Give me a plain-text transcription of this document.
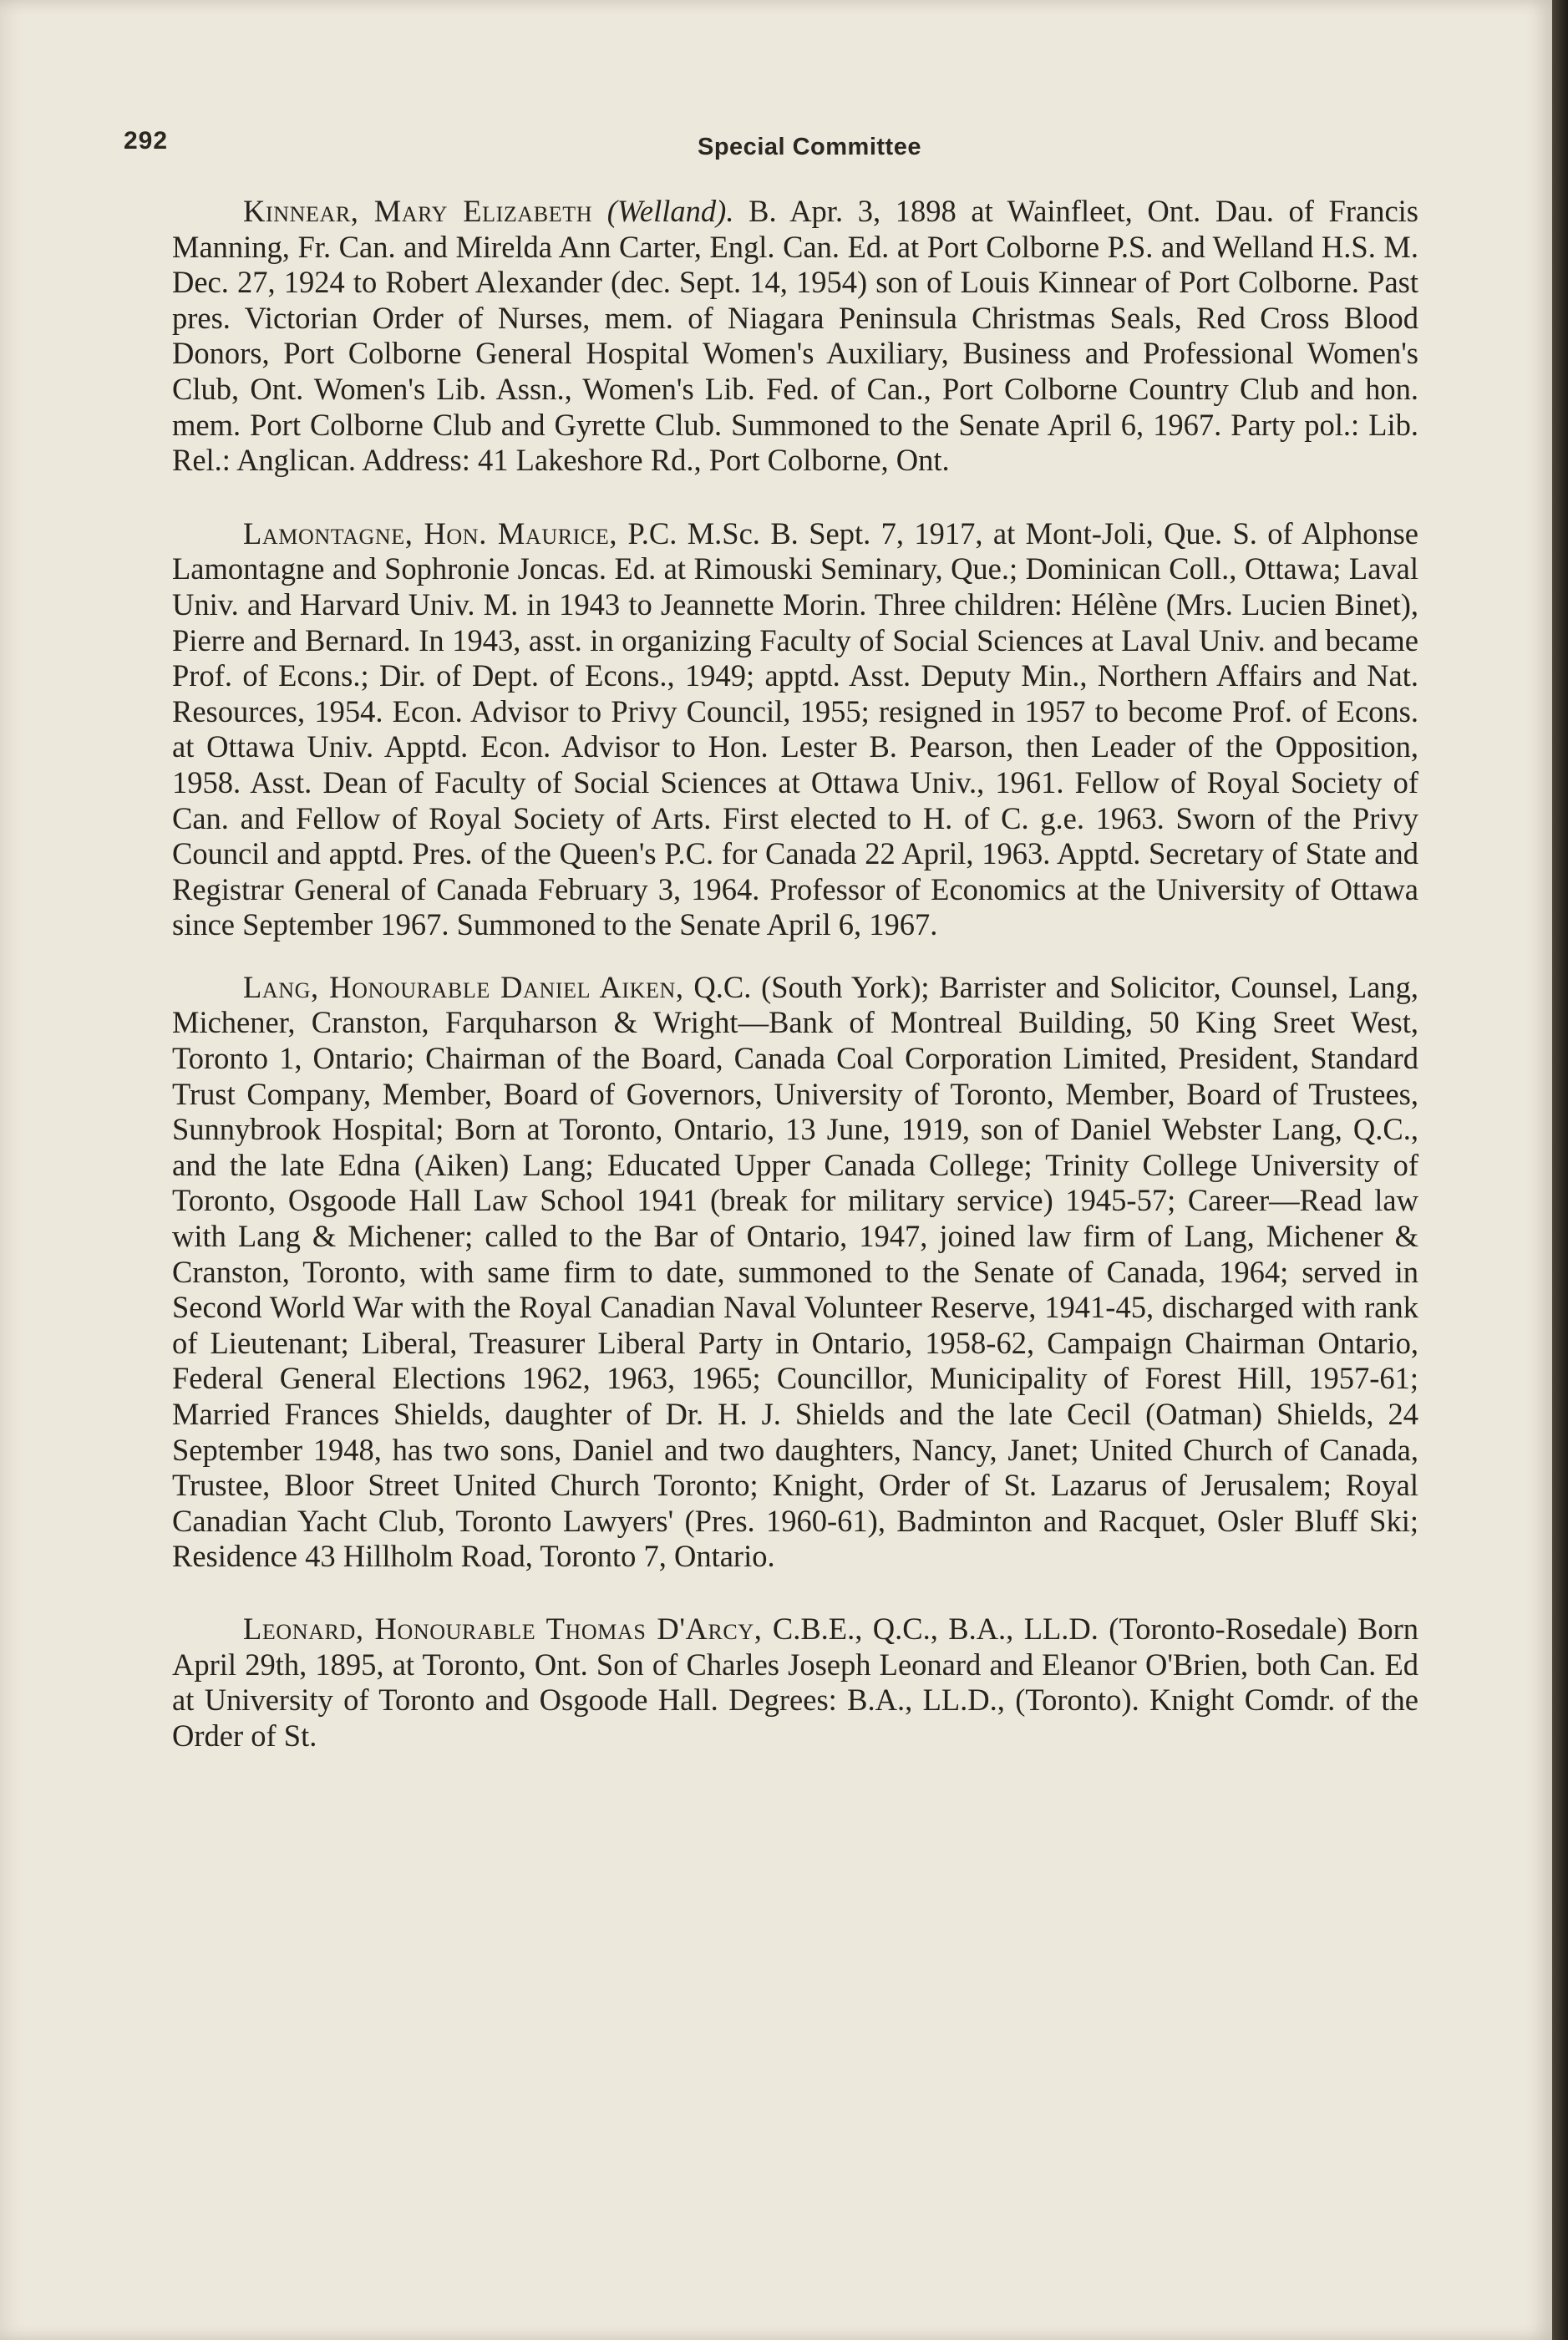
292	Special Committee

Kinnear, Mary Elizabeth (Welland). B. Apr. 3, 1898 at Wainfleet, Ont. Dau. of Francis Manning, Fr. Can. and Mirelda Ann Carter, Engl. Can. Ed. at Port Colborne P.S. and Welland H.S. M. Dec. 27, 1924 to Robert Alexander (dec. Sept. 14, 1954) son of Louis Kinnear of Port Colborne. Past pres. Victorian Order of Nurses, mem. of Niagara Peninsula Christmas Seals, Red Cross Blood Donors, Port Colborne General Hospital Women's Auxiliary, Business and Professional Women's Club, Ont. Women's Lib. Assn., Women's Lib. Fed. of Can., Port Colborne Country Club and hon. mem. Port Colborne Club and Gyrette Club. Summoned to the Senate April 6, 1967. Party pol.: Lib. Rel.: Anglican. Address: 41 Lakeshore Rd., Port Colborne, Ont.

Lamontagne, Hon. Maurice, P.C. M.Sc. B. Sept. 7, 1917, at Mont-Joli, Que. S. of Alphonse Lamontagne and Sophronie Joncas. Ed. at Rimouski Seminary, Que.; Dominican Coll., Ottawa; Laval Univ. and Harvard Univ. M. in 1943 to Jeannette Morin. Three children: Hélène (Mrs. Lucien Binet), Pierre and Bernard. In 1943, asst. in organizing Faculty of Social Sciences at Laval Univ. and became Prof. of Econs.; Dir. of Dept. of Econs., 1949; apptd. Asst. Deputy Min., Northern Affairs and Nat. Resources, 1954. Econ. Advisor to Privy Council, 1955; resigned in 1957 to become Prof. of Econs. at Ottawa Univ. Apptd. Econ. Advisor to Hon. Lester B. Pearson, then Leader of the Opposition, 1958. Asst. Dean of Faculty of Social Sciences at Ottawa Univ., 1961. Fellow of Royal Society of Can. and Fellow of Royal Society of Arts. First elected to H. of C. g.e. 1963. Sworn of the Privy Council and apptd. Pres. of the Queen's P.C. for Canada 22 April, 1963. Apptd. Secretary of State and Registrar General of Canada February 3, 1964. Professor of Economics at the University of Ottawa since September 1967. Summoned to the Senate April 6, 1967.

Lang, Honourable Daniel Aiken, Q.C. (South York); Barrister and Solicitor, Counsel, Lang, Michener, Cranston, Farquharson & Wright—Bank of Montreal Building, 50 King Sreet West, Toronto 1, Ontario; Chairman of the Board, Canada Coal Corporation Limited, President, Standard Trust Company, Member, Board of Governors, University of Toronto, Member, Board of Trustees, Sunnybrook Hospital; Born at Toronto, Ontario, 13 June, 1919, son of Daniel Webster Lang, Q.C., and the late Edna (Aiken) Lang; Educated Upper Canada College; Trinity College University of Toronto, Osgoode Hall Law School 1941 (break for military service) 1945-57; Career—Read law with Lang & Michener; called to the Bar of Ontario, 1947, joined law firm of Lang, Michener & Cranston, Toronto, with same firm to date, summoned to the Senate of Canada, 1964; served in Second World War with the Royal Canadian Naval Volunteer Reserve, 1941-45, discharged with rank of Lieutenant; Liberal, Treasurer Liberal Party in Ontario, 1958-62, Campaign Chairman Ontario, Federal General Elections 1962, 1963, 1965; Councillor, Municipality of Forest Hill, 1957-61; Married Frances Shields, daughter of Dr. H. J. Shields and the late Cecil (Oatman) Shields, 24 September 1948, has two sons, Daniel and two daughters, Nancy, Janet; United Church of Canada, Trustee, Bloor Street United Church Toronto; Knight, Order of St. Lazarus of Jerusalem; Royal Canadian Yacht Club, Toronto Lawyers' (Pres. 1960-61), Badminton and Racquet, Osler Bluff Ski; Residence 43 Hillholm Road, Toronto 7, Ontario.

Leonard, Honourable Thomas D'Arcy, C.B.E., Q.C., B.A., LL.D. (Toronto-Rosedale) Born April 29th, 1895, at Toronto, Ont. Son of Charles Joseph Leonard and Eleanor O'Brien, both Can. Ed at University of Toronto and Osgoode Hall. Degrees: B.A., LL.D., (Toronto). Knight Comdr. of the Order of St.
